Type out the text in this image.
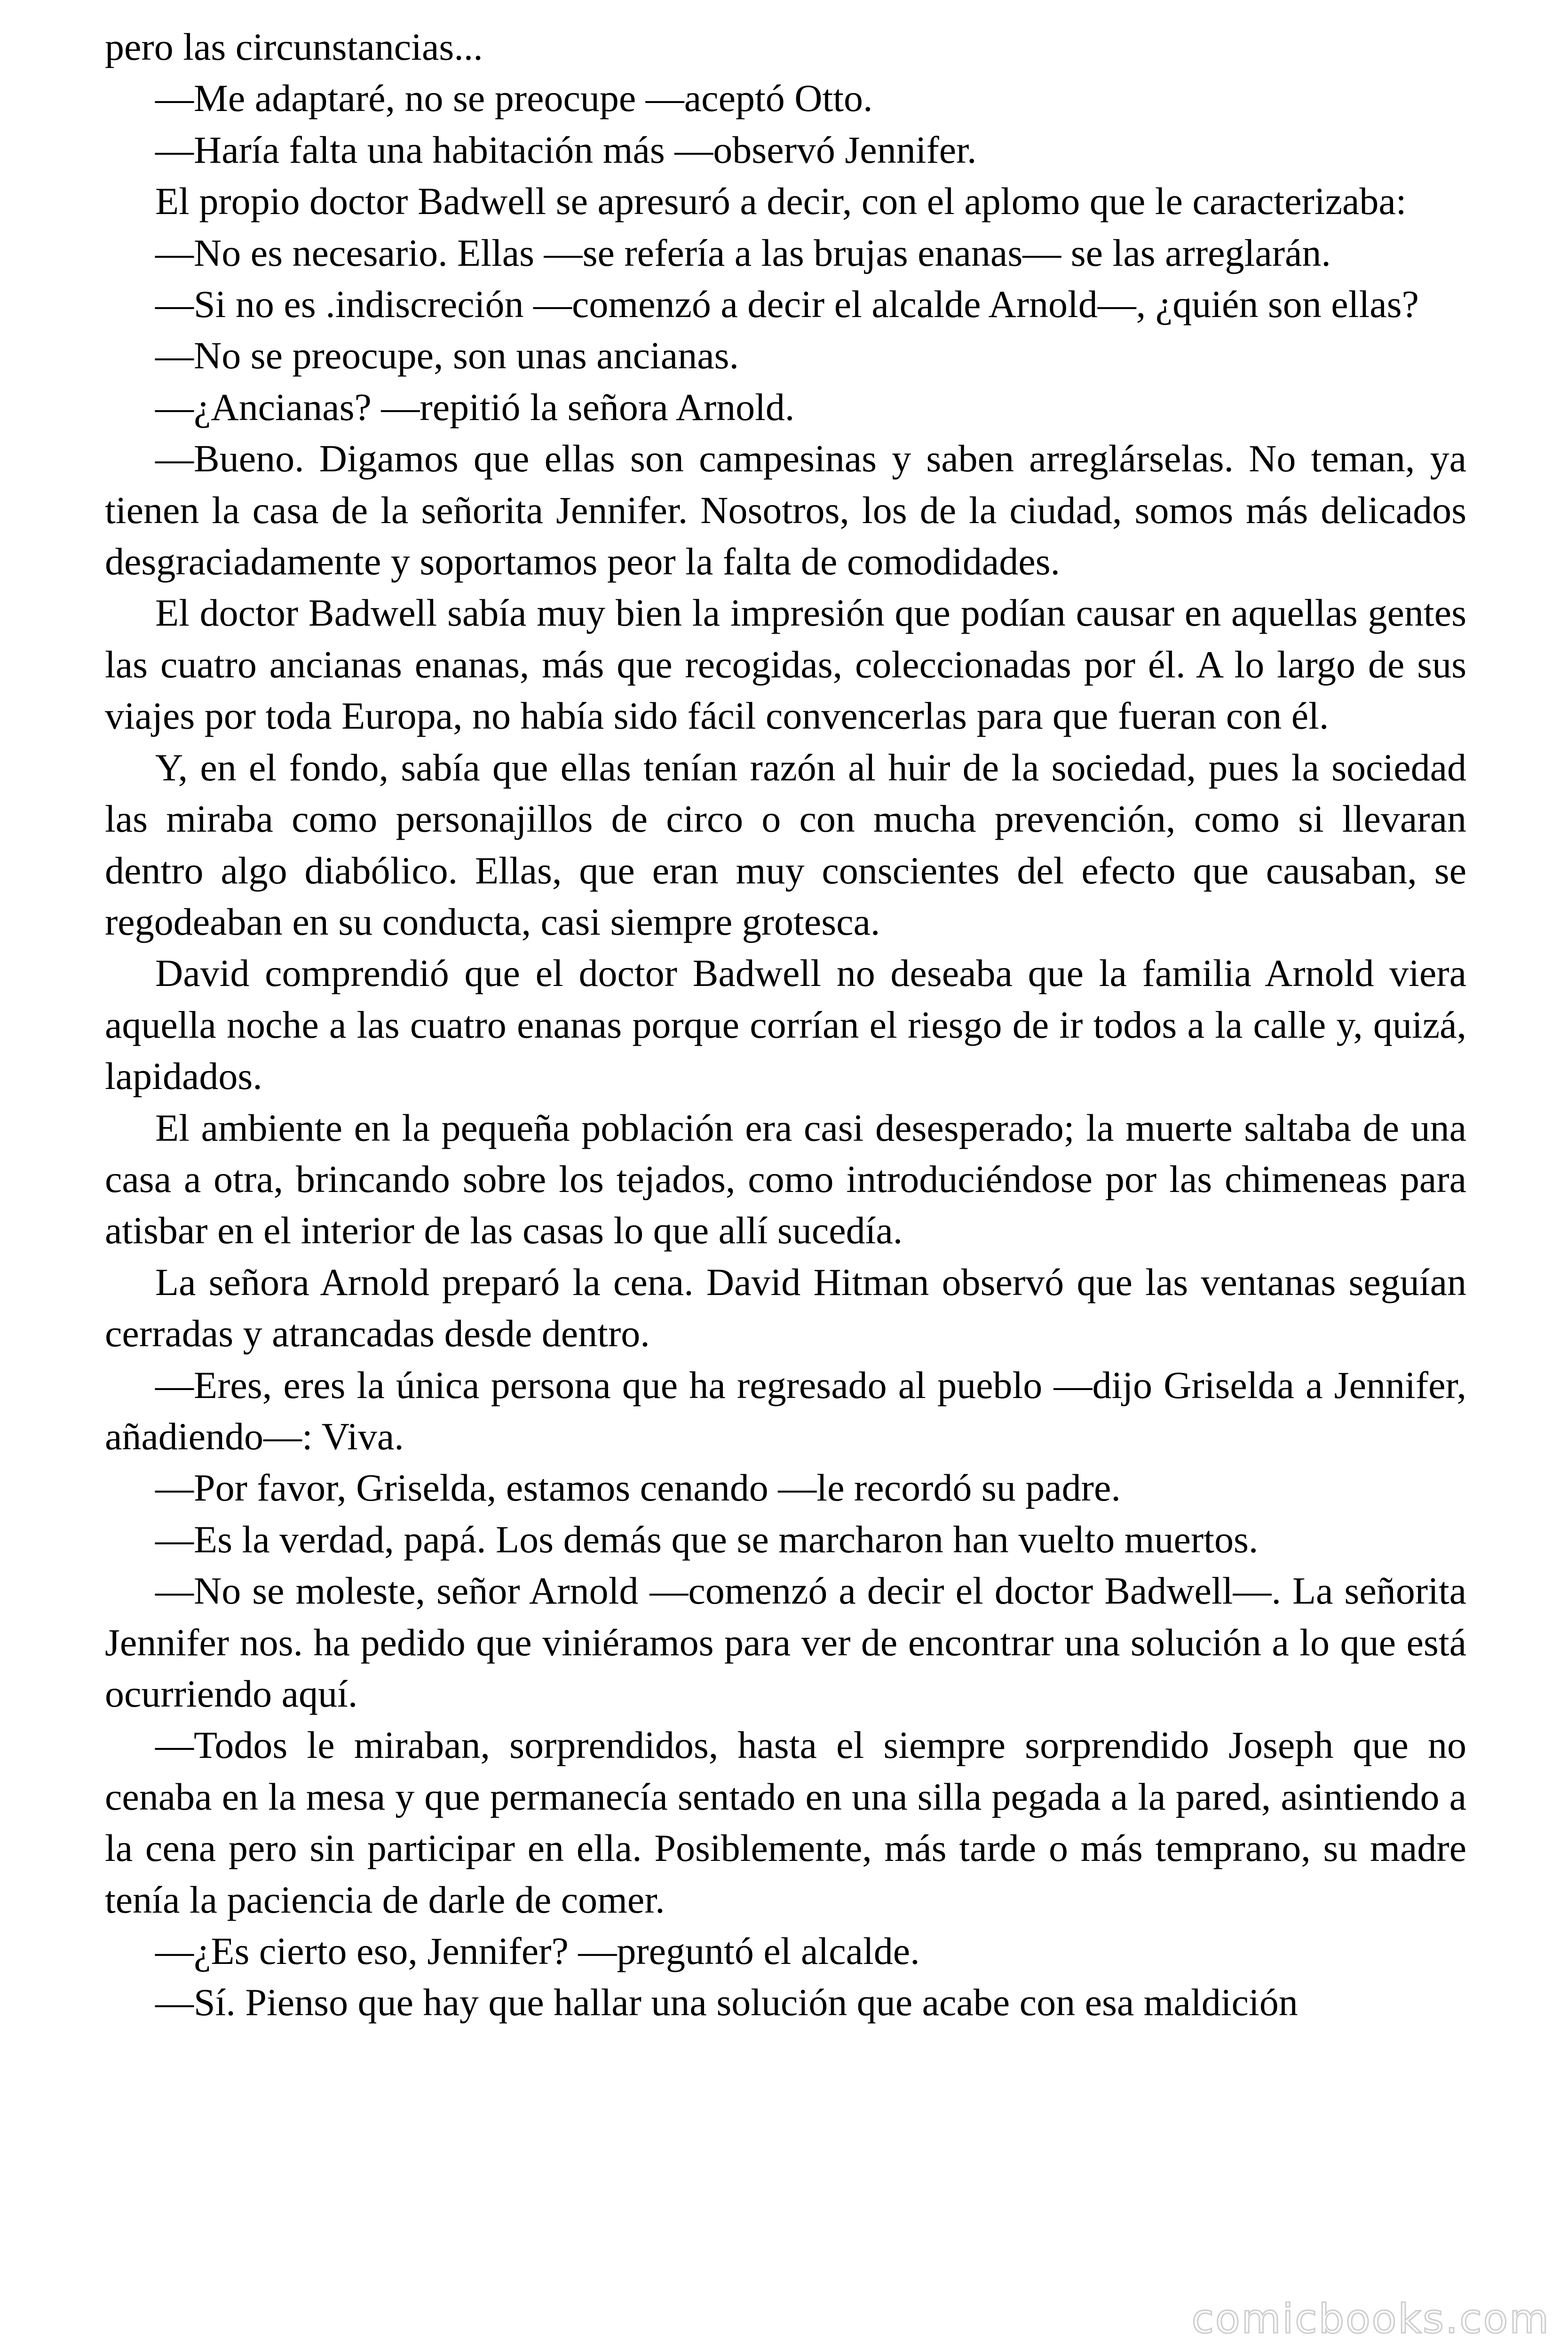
pero las circunstancias...

—Me adaptaré, no se preocupe —aceptó Otto.

—Haría falta una habitación más —observó Jennifer.

El propio doctor Badwell se apresuró a decir, con el aplomo que le caracterizaba:

—No es necesario. Ellas —se refería a las brujas enanas— se las arreglarán.

—Si no es .indiscreción —comenzó a decir el alcalde Arnold—, ¿quién son ellas?

—No se preocupe, son unas ancianas.

—¿Ancianas? —repitió la señora Arnold.

—Bueno. Digamos que ellas son campesinas y saben arreglárselas. No teman, ya tienen la casa de la señorita Jennifer. Nosotros, los de la ciudad, somos más delicados desgraciadamente y soportamos peor la falta de comodidades.

El doctor Badwell sabía muy bien la impresión que podían causar en aquellas gentes las cuatro ancianas enanas, más que recogidas, coleccionadas por él. A lo largo de sus viajes por toda Europa, no había sido fácil convencerlas para que fueran con él.

Y, en el fondo, sabía que ellas tenían razón al huir de la sociedad, pues la sociedad las miraba como personajillos de circo o con mucha prevención, como si llevaran dentro algo diabólico. Ellas, que eran muy conscientes del efecto que causaban, se regodeaban en su conducta, casi siempre grotesca.

David comprendió que el doctor Badwell no deseaba que la familia Arnold viera aquella noche a las cuatro enanas porque corrían el riesgo de ir todos a la calle y, quizá, lapidados.

El ambiente en la pequeña población era casi desesperado; la muerte saltaba de una casa a otra, brincando sobre los tejados, como introduciéndose por las chimeneas para atisbar en el interior de las casas lo que allí sucedía.

La señora Arnold preparó la cena. David Hitman observó que las ventanas seguían cerradas y atrancadas desde dentro.

—Eres, eres la única persona que ha regresado al pueblo —dijo Griselda a Jennifer, añadiendo—: Viva.

—Por favor, Griselda, estamos cenando —le recordó su padre.

—Es la verdad, papá. Los demás que se marcharon han vuelto muertos.

—No se moleste, señor Arnold —comenzó a decir el doctor Badwell—. La señorita Jennifer nos. ha pedido que viniéramos para ver de encontrar una solución a lo que está ocurriendo aquí.

—Todos le miraban, sorprendidos, hasta el siempre sorprendido Joseph que no cenaba en la mesa y que permanecía sentado en una silla pegada a la pared, asintiendo a la cena pero sin participar en ella. Posiblemente, más tarde o más temprano, su madre tenía la paciencia de darle de comer.

—¿Es cierto eso, Jennifer? —preguntó el alcalde.

—Sí. Pienso que hay que hallar una solución que acabe con esa maldición

comicbooks.com
